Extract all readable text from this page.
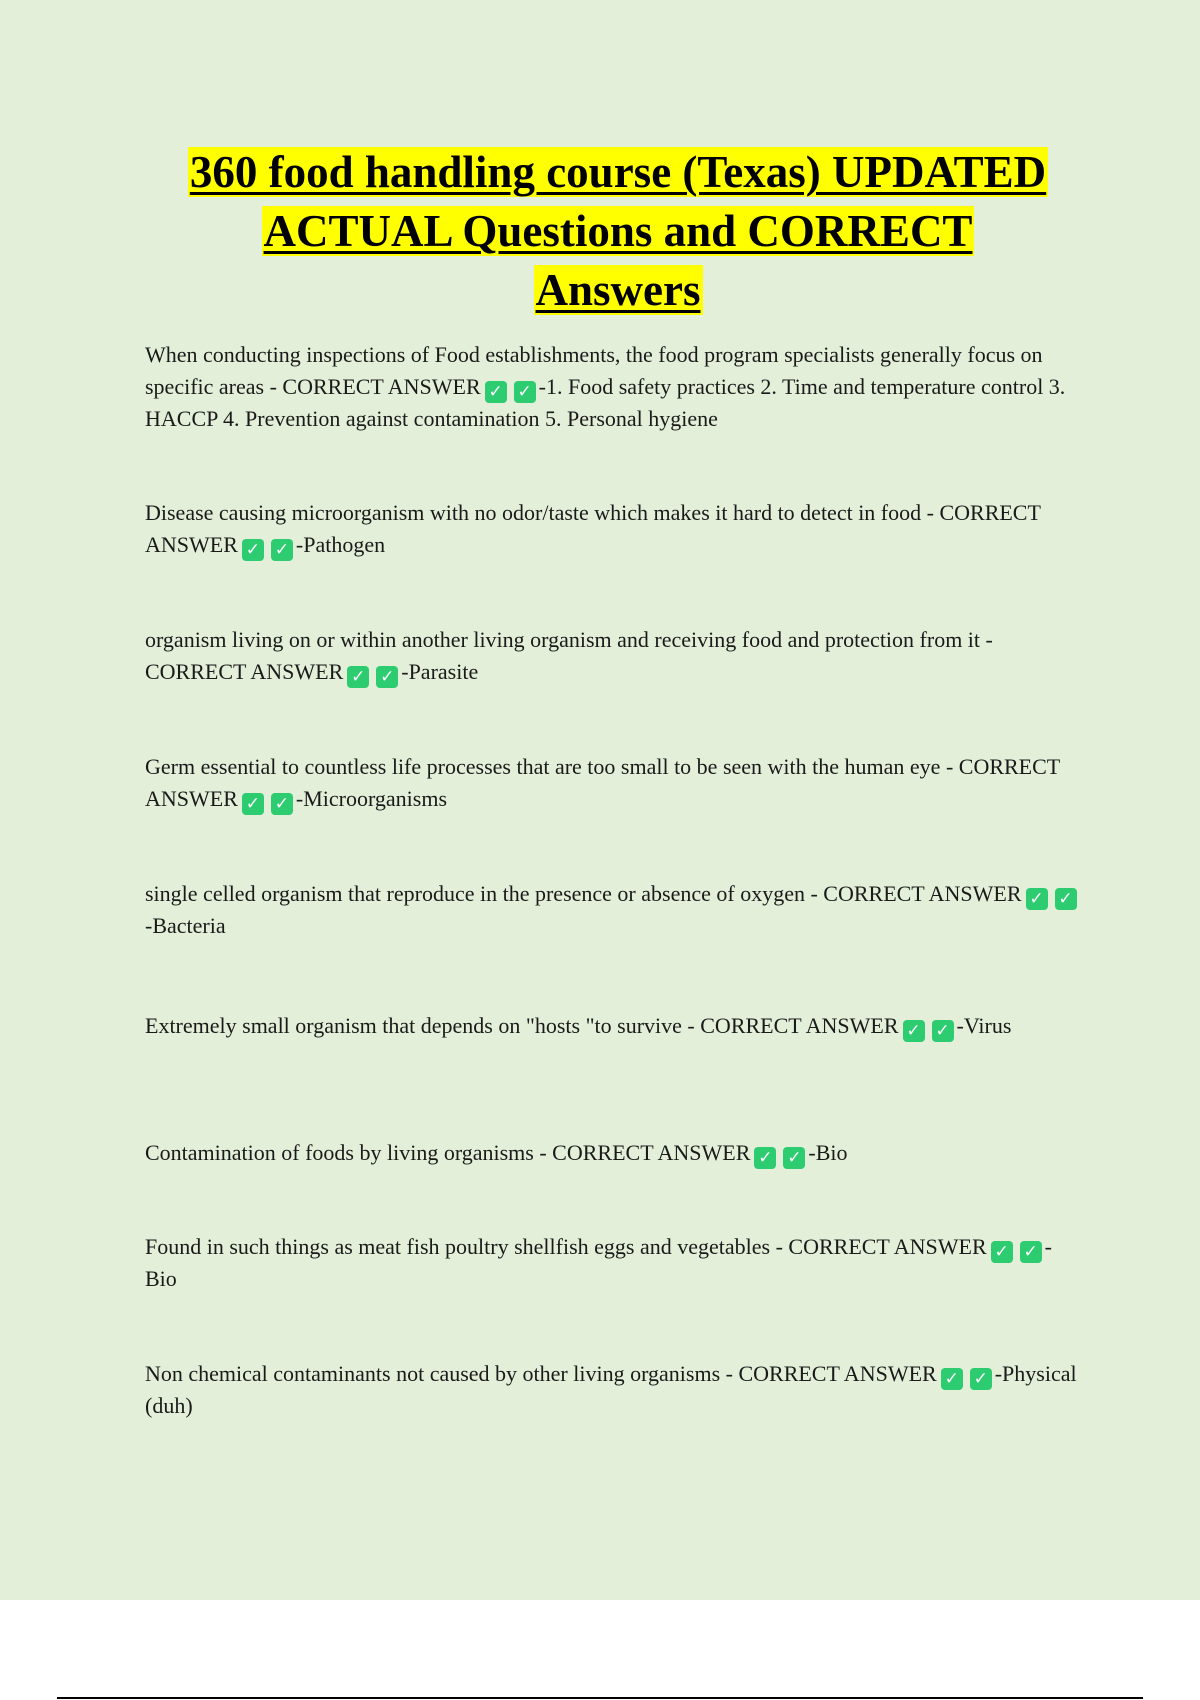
360 food handling course (Texas) UPDATED
ACTUAL Questions and CORRECT
Answers
When conducting inspections of Food establishments, the food program specialists generally focus on specific areas - CORRECT ANSWER ✓ ✓ -1. Food safety practices 2. Time and temperature control 3. HACCP 4. Prevention against contamination 5. Personal hygiene
Disease causing microorganism with no odor/taste which makes it hard to detect in food - CORRECT ANSWER ✓ ✓ -Pathogen
organism living on or within another living organism and receiving food and protection from it - CORRECT ANSWER ✓ ✓ -Parasite
Germ essential to countless life processes that are too small to be seen with the human eye - CORRECT ANSWER ✓ ✓ -Microorganisms
single celled organism that reproduce in the presence or absence of oxygen - CORRECT ANSWER ✓ ✓-Bacteria
Extremely small organism that depends on "hosts "to survive - CORRECT ANSWER ✓ ✓ -Virus
Contamination of foods by living organisms - CORRECT ANSWER ✓ ✓ -Bio
Found in such things as meat fish poultry shellfish eggs and vegetables - CORRECT ANSWER ✓ ✓ -Bio
Non chemical contaminants not caused by other living organisms - CORRECT ANSWER ✓ ✓ -Physical (duh)
